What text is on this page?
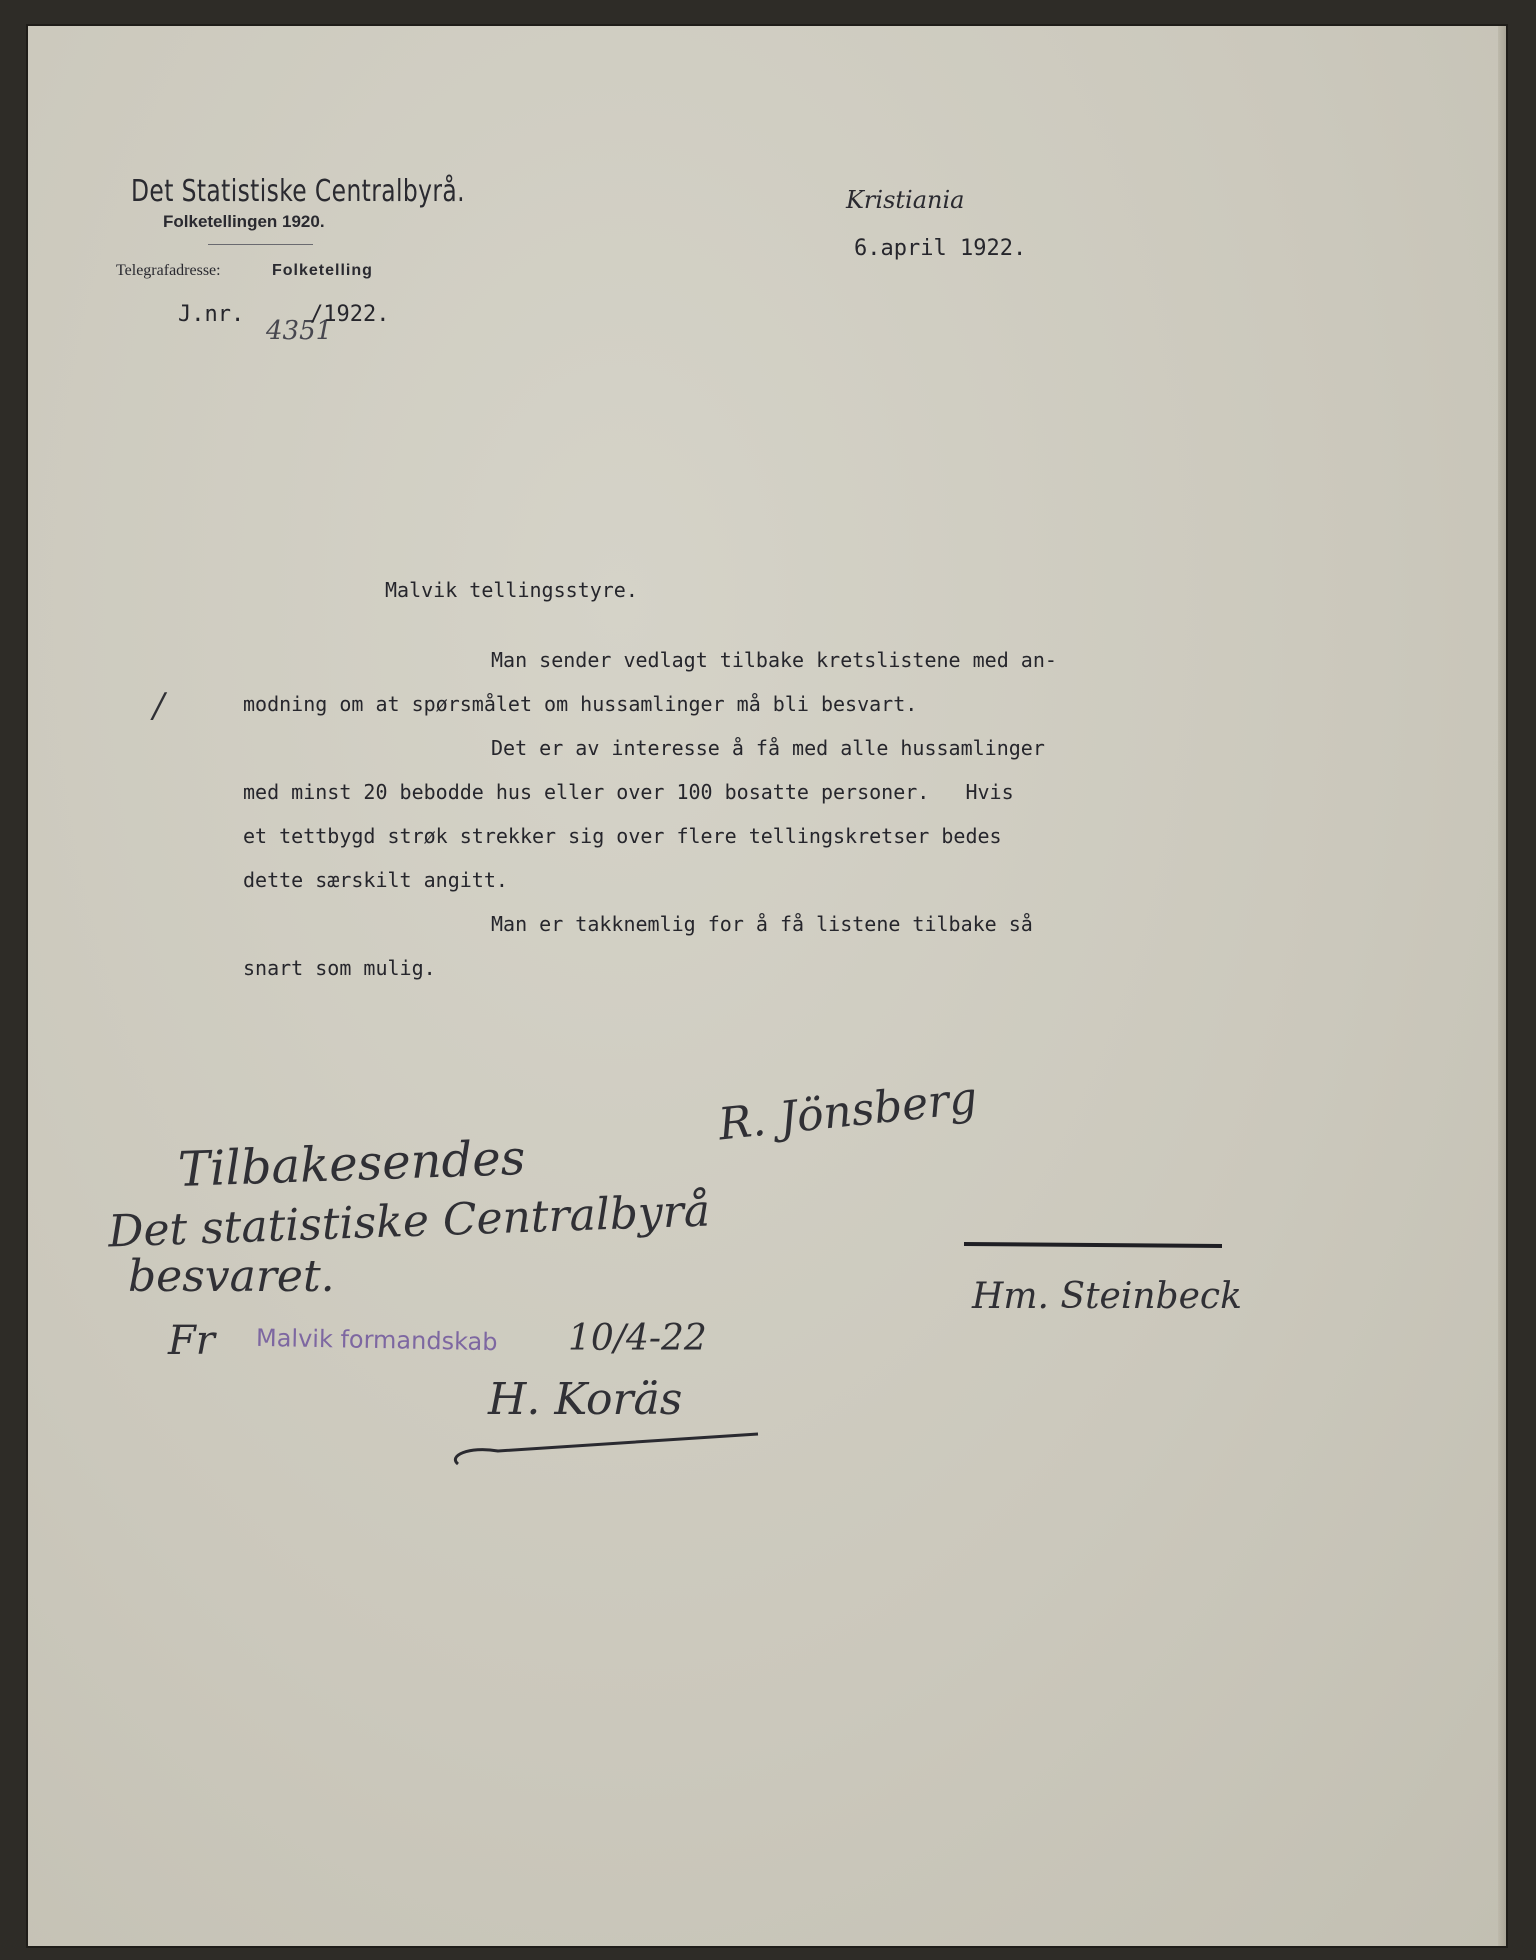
Det Statistiske Centralbyrå.
Folketellingen 1920.
Telegrafadresse:	Folketelling
Kristiania
6.april 1922.
J.nr.
4351
/1922.
Malvik tellingsstyre.
/
Man sender vedlagt tilbake kretslistene med an-
modning om at spørsmålet om hussamlinger må bli besvart.
Det er av interesse å få med alle hussamlinger
med minst 20 bebodde hus eller over 100 bosatte personer.   Hvis
et tettbygd strøk strekker sig over flere tellingskretser bedes
dette særskilt angitt.
Man er takknemlig for å få listene tilbake så
snart som mulig.
R. Jönsberg
Hm. Steinbeck
Tilbakesendes
Det statistiske Centralbyrå
besvaret.
Fr Malvik formandskab 10/4-22
H. Koräs
